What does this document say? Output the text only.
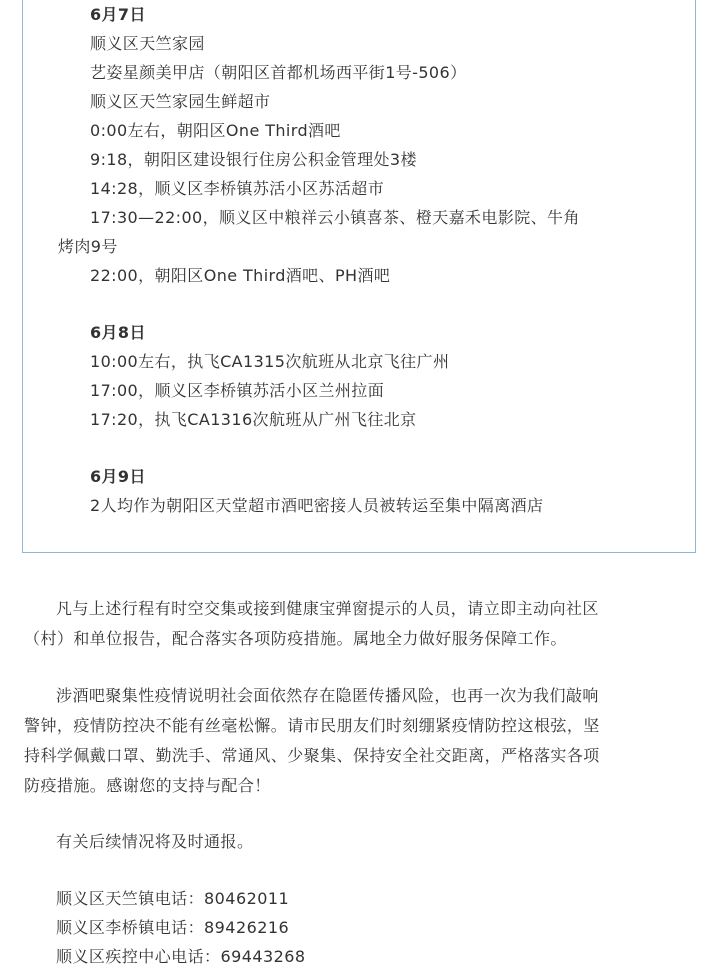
6月7日
顺义区天竺家园
艺姿星颜美甲店（朝阳区首都机场西平街1号-506）
顺义区天竺家园生鲜超市
0:00左右，朝阳区One Third酒吧
9:18，朝阳区建设银行住房公积金管理处3楼
14:28，顺义区李桥镇苏活小区苏活超市
17:30—22:00，顺义区中粮祥云小镇喜茶、橙天嘉禾电影院、牛角
烤肉9号
22:00，朝阳区One Third酒吧、PH酒吧
6月8日
10:00左右，执飞CA1315次航班从北京飞往广州
17:00，顺义区李桥镇苏活小区兰州拉面
17:20，执飞CA1316次航班从广州飞往北京
6月9日
2人均作为朝阳区天堂超市酒吧密接人员被转运至集中隔离酒店
凡与上述行程有时空交集或接到健康宝弹窗提示的人员，请立即主动向社区
（村）和单位报告，配合落实各项防疫措施。属地全力做好服务保障工作。
涉酒吧聚集性疫情说明社会面依然存在隐匿传播风险，也再一次为我们敲响
警钟，疫情防控决不能有丝毫松懈。请市民朋友们时刻绷紧疫情防控这根弦，坚
持科学佩戴口罩、勤洗手、常通风、少聚集、保持安全社交距离，严格落实各项
防疫措施。感谢您的支持与配合！
有关后续情况将及时通报。
顺义区天竺镇电话：80462011
顺义区李桥镇电话：89426216
顺义区疾控中心电话：69443268
